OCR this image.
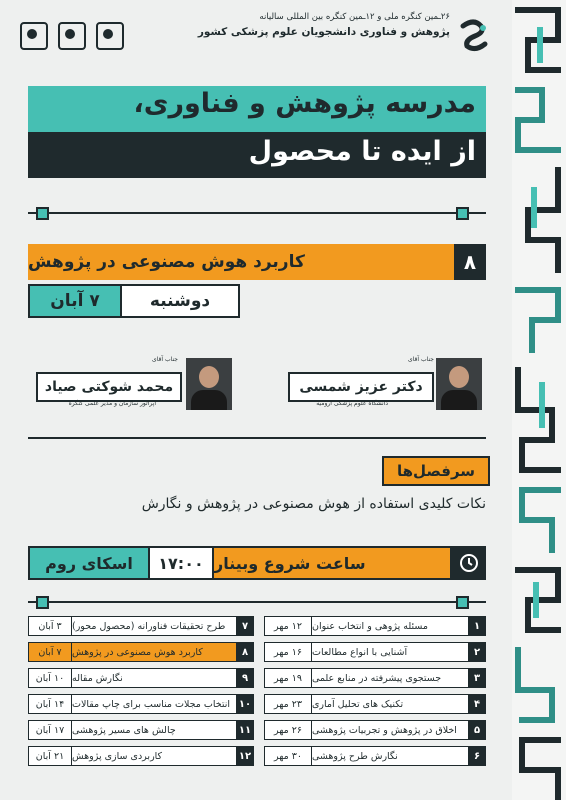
۲۶ـمین کنگره ملی و ۱۲ـمین کنگره بین المللی سالیانه
پژوهش و فناوری دانشجویان علوم پزشکی کشور
مدرسه پژوهش و فناوری،
از ایده تا محصول
کاربرد هوش مصنوعی در پژوهش	۸
۷ آبان	دوشنبه
جناب آقای
دکتر عزیز شمسی
دانشگاه علوم پزشکی ارومیه
جناب آقای
محمد شوکتی صیاد
اپراتور سازمان و مدیر علمی کنگره
سرفصل‌ها
نکات کلیدی استفاده از هوش مصنوعی در پژوهش و نگارش
اسکای روم	۱۷:۰۰ ساعت شروع وبینار
۱۲ مهر	مسئله پژوهی و انتخاب عنوان	۱
۱۶ مهر	آشنایی با انواع مطالعات	۲
۱۹ مهر	جستجوی پیشرفته در منابع علمی	۳
۲۳ مهر	تکنیک های تحلیل آماری	۴
۲۶ مهر	اخلاق در پژوهش و تجربیات پژوهشی	۵
۳۰ مهر	نگارش طرح پژوهشی	۶
۳ آبان	طرح تحقیقات فناورانه (محصول محور)	۷
۷ آبان	کاربرد هوش مصنوعی در پژوهش	۸
۱۰ آبان نگارش مقاله	۹
۱۴ آبان انتخاب مجلات مناسب برای چاپ مقالات ۱۰
۱۷ آبان چالش های مسیر پژوهشی	۱۱
۲۱ آبان کاربردی سازی پژوهش	۱۲
